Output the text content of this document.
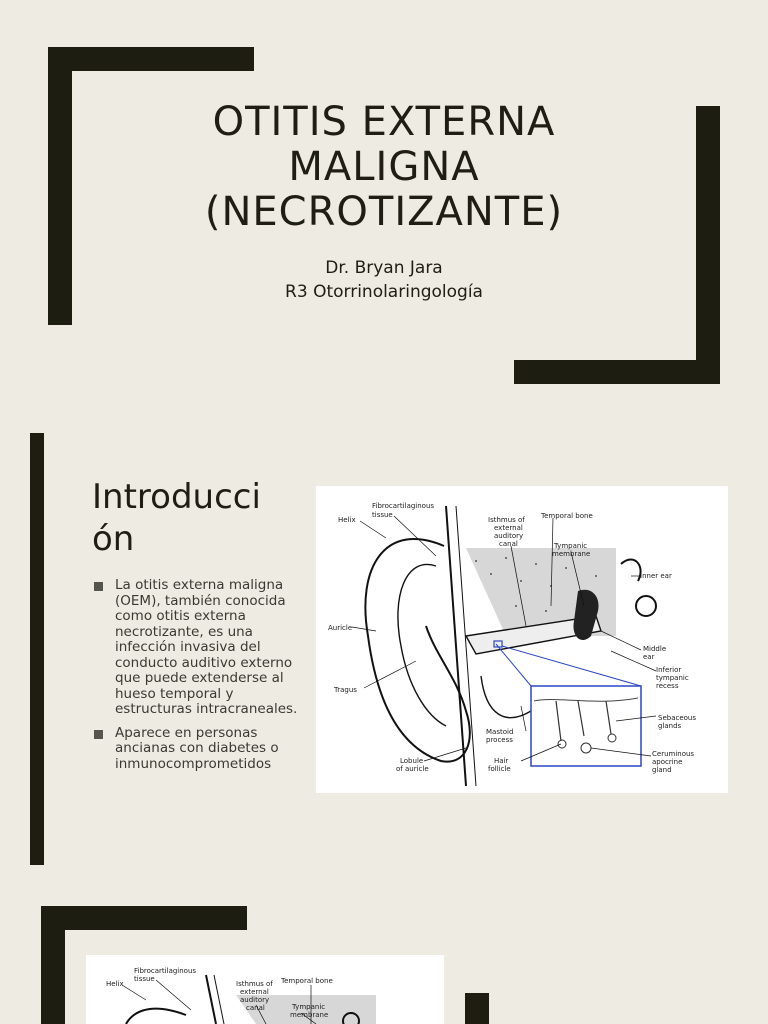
OTITIS EXTERNA
MALIGNA
(NECROTIZANTE)
Dr. Bryan Jara
R3 Otorrinolaringología
Introducci
ón
La otitis externa maligna (OEM), también conocida como otitis externa necrotizante, es una infección invasiva del conducto auditivo externo que puede extenderse al hueso temporal y estructuras intracraneales.
Aparece en personas ancianas con diabetes o inmunocomprometidos
Helix
Fibrocartilaginous
tissue
Isthmus of
external
auditory
canal
Temporal bone
Tympanic
membrane
Inner ear
Auricle
Middle
ear
Inferior
tympanic
recess
Tragus
Sebaceous
glands
Mastoid
process
Lobule
of auricle
Hair
follicle
Ceruminous
apocrine
gland
Helix
Fibrocartilaginous
tissue
Isthmus of
external
auditory
canal
Temporal bone
Tympanic
membrane
